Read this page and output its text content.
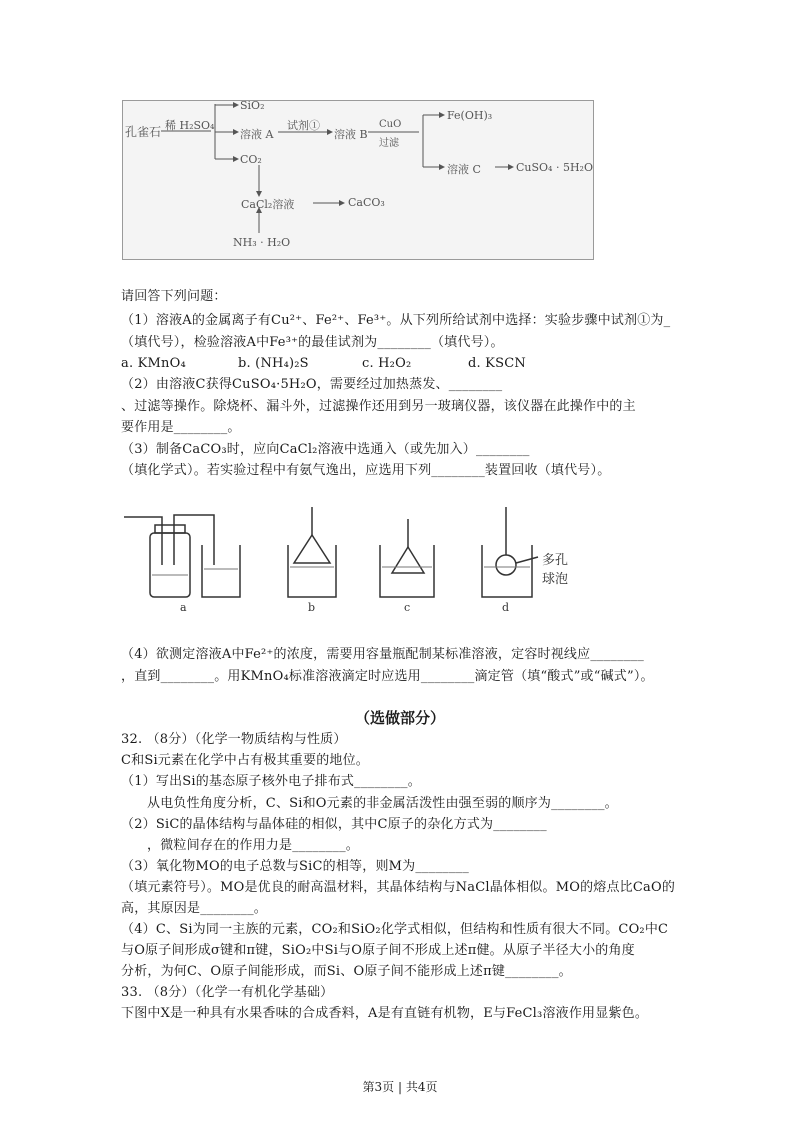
孔雀石 稀 H₂SO₄
SiO₂
溶液 A
试剂①
溶液 B
CuO
过滤
Fe(OH)₃
溶液 C	CuSO₄ · 5H₂O
CO₂
CaCl₂溶液	CaCO₃
NH₃ · H₂O
请回答下列问题：
（1）溶液A的金属离子有Cu²⁺、Fe²⁺、Fe³⁺。从下列所给试剂中选择：实验步骤中试剂①为_
（填代号），检验溶液A中Fe³⁺的最佳试剂为________（填代号）。
a. KMnO₄	b. (NH₄)₂S	c. H₂O₂	d. KSCN
（2）由溶液C获得CuSO₄·5H₂O，需要经过加热蒸发、________
、过滤等操作。除烧杯、漏斗外，过滤操作还用到另一玻璃仪器，该仪器在此操作中的主
要作用是________。
（3）制备CaCO₃时，应向CaCl₂溶液中选通入（或先加入）________
（填化学式）。若实验过程中有氨气逸出，应选用下列________装置回收（填代号）。
a	b	c	d
多孔球泡
（4）欲测定溶液A中Fe²⁺的浓度，需要用容量瓶配制某标准溶液，定容时视线应________
，直到________。用KMnO₄标准溶液滴定时应选用________滴定管（填“酸式”或“碱式”）。
（选做部分）
32. （8分）（化学一物质结构与性质）
C和Si元素在化学中占有极其重要的地位。
（1）写出Si的基态原子核外电子排布式________。
从电负性角度分析，C、Si和O元素的非金属活泼性由强至弱的顺序为________。
（2）SiC的晶体结构与晶体硅的相似，其中C原子的杂化方式为________
，微粒间存在的作用力是________。
（3）氧化物MO的电子总数与SiC的相等，则M为________
（填元素符号）。MO是优良的耐高温材料，其晶体结构与NaCl晶体相似。MO的熔点比CaO的
高，其原因是________。
（4）C、Si为同一主族的元素，CO₂和SiO₂化学式相似，但结构和性质有很大不同。CO₂中C
与O原子间形成σ键和π键，SiO₂中Si与O原子间不形成上述π健。从原子半径大小的角度
分析，为何C、O原子间能形成，而Si、O原子间不能形成上述π键________。
33. （8分）（化学一有机化学基础）
下图中X是一种具有水果香味的合成香料，A是有直链有机物，E与FeCl₃溶液作用显紫色。
第3页 | 共4页
